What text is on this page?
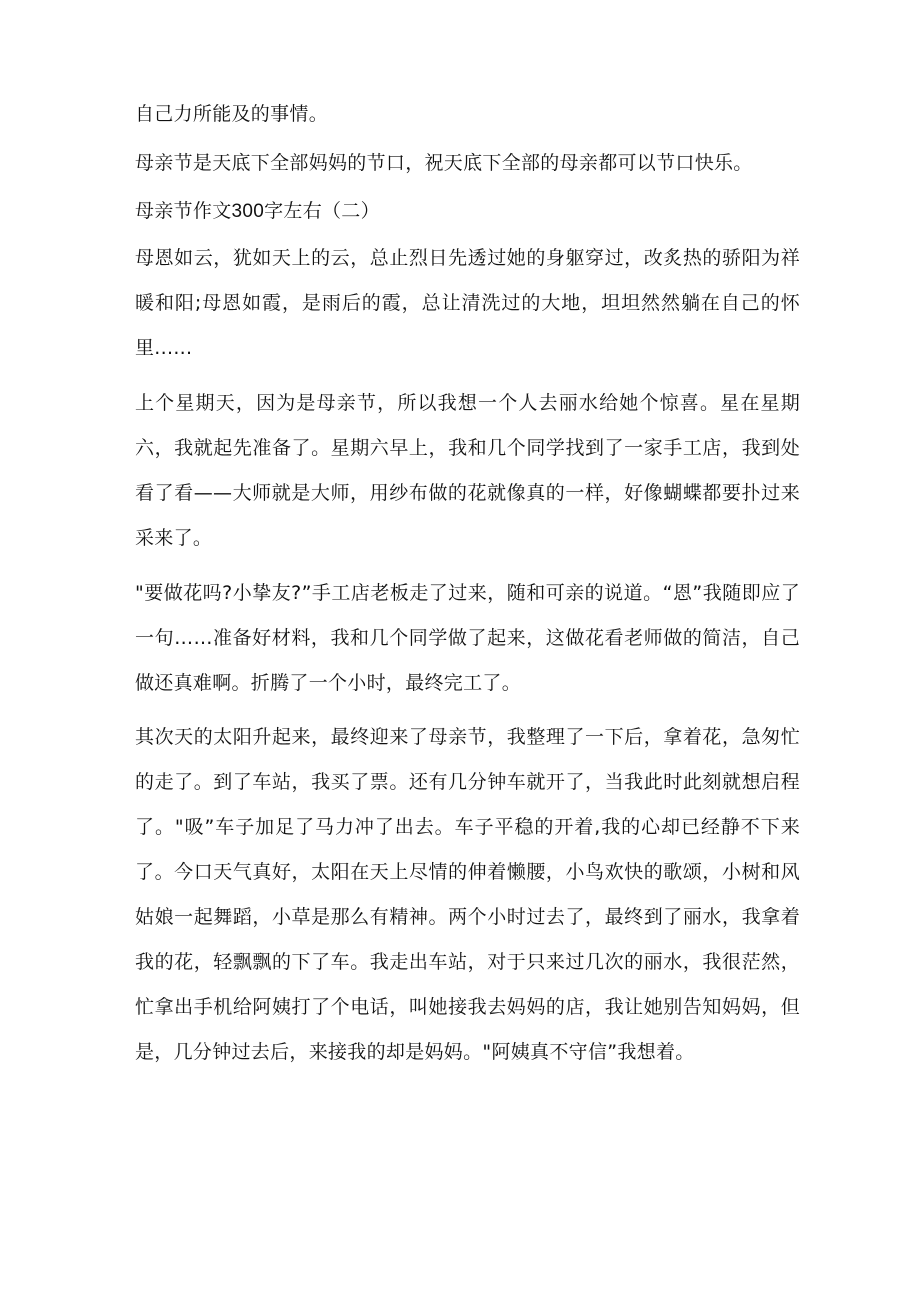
自己力所能及的事情。

母亲节是天底下全部妈妈的节口，祝天底下全部的母亲都可以节口快乐。

母亲节作文300字左右（二）

母恩如云，犹如天上的云，总止烈日先透过她的身躯穿过，改炙热的骄阳为祥暖和阳;母恩如霞，是雨后的霞，总让清洗过的大地，坦坦然然躺在自己的怀里......

上个星期天，因为是母亲节，所以我想一个人去丽水给她个惊喜。星在星期六，我就起先准备了。星期六早上，我和几个同学找到了一家手工店，我到处看了看——大师就是大师，用纱布做的花就像真的一样，好像蝴蝶都要扑过来采来了。

"要做花吗?小挚友?”手工店老板走了过来，随和可亲的说道。“恩”我随即应了一句……准备好材料，我和几个同学做了起来，这做花看老师做的简洁，自己做还真难啊。折腾了一个小时，最终完工了。

其次天的太阳升起来，最终迎来了母亲节，我整理了一下后，拿着花，急匆忙的走了。到了车站，我买了票。还有几分钟车就开了，当我此时此刻就想启程了。"吸”车子加足了马力冲了出去。车子平稳的开着,我的心却已经静不下来了。今口天气真好，太阳在天上尽情的伸着懒腰，小鸟欢快的歌颂，小树和风姑娘一起舞蹈，小草是那么有精神。两个小时过去了，最终到了丽水，我拿着我的花，轻飘飘的下了车。我走出车站，对于只来过几次的丽水，我很茫然，忙拿出手机给阿姨打了个电话，叫她接我去妈妈的店，我让她别告知妈妈，但是，几分钟过去后，来接我的却是妈妈。"阿姨真不守信”我想着。
